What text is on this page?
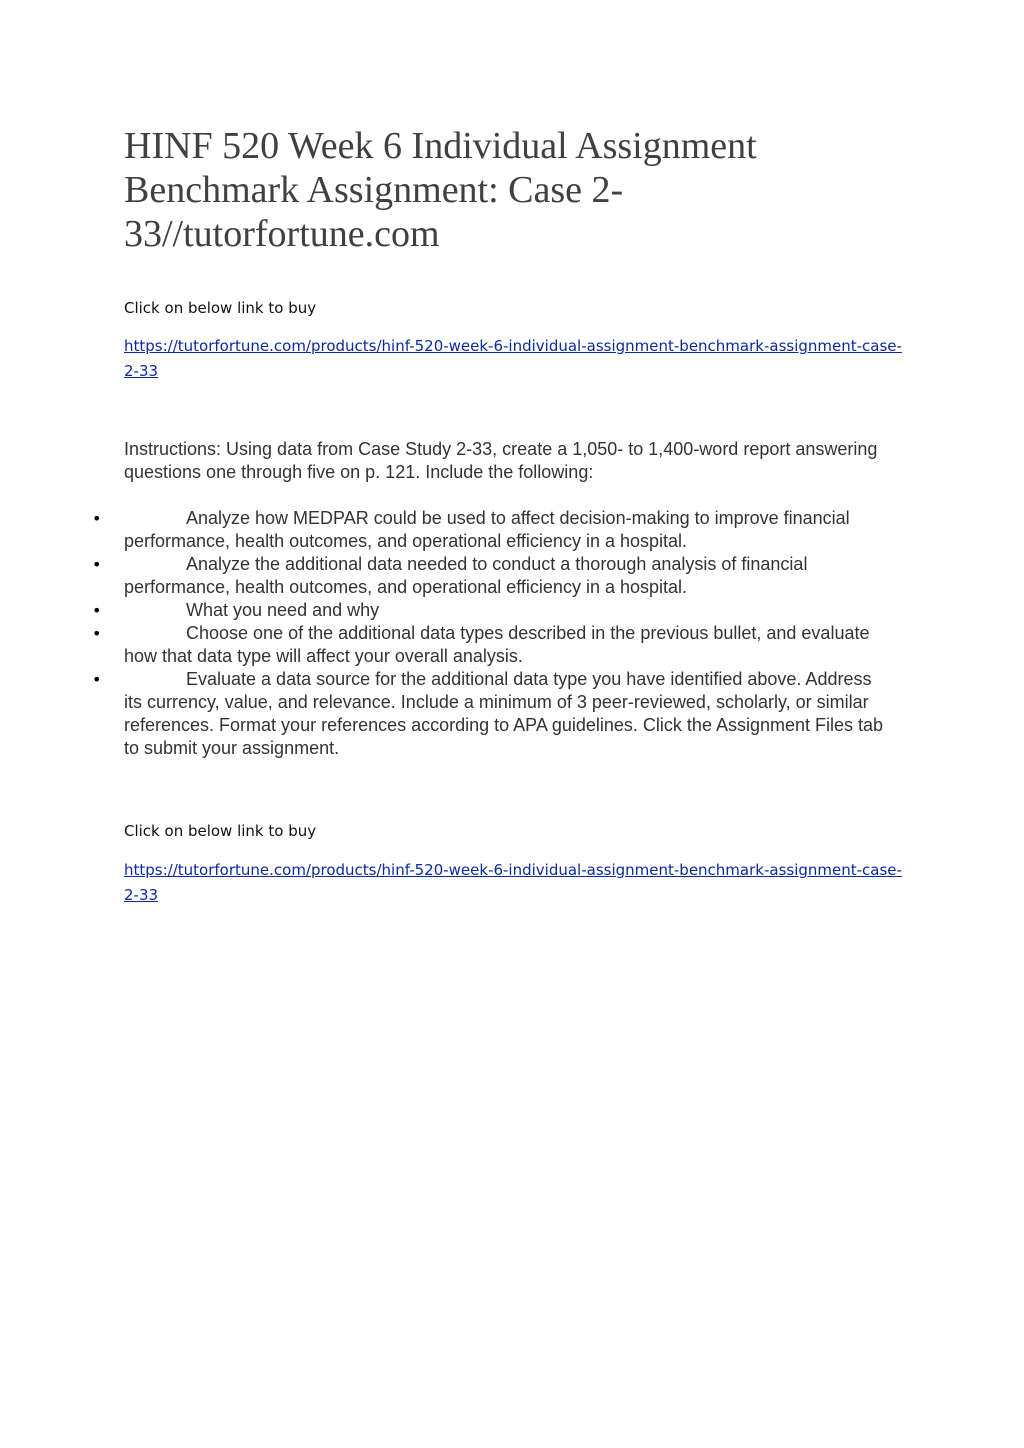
HINF 520 Week 6 Individual Assignment Benchmark Assignment: Case 2-33//tutorfortune.com

Click on below link to buy

https://tutorfortune.com/products/hinf-520-week-6-individual-assignment-benchmark-assignment-case-2-33

Instructions: Using data from Case Study 2-33, create a 1,050- to 1,400-word report answering questions one through five on p. 121. Include the following:

•	Analyze how MEDPAR could be used to affect decision-making to improve financial performance, health outcomes, and operational efficiency in a hospital.
•	Analyze the additional data needed to conduct a thorough analysis of financial performance, health outcomes, and operational efficiency in a hospital.
•	What you need and why
•	Choose one of the additional data types described in the previous bullet, and evaluate how that data type will affect your overall analysis.
•	Evaluate a data source for the additional data type you have identified above. Address its currency, value, and relevance. Include a minimum of 3 peer-reviewed, scholarly, or similar references. Format your references according to APA guidelines. Click the Assignment Files tab to submit your assignment.

Click on below link to buy

https://tutorfortune.com/products/hinf-520-week-6-individual-assignment-benchmark-assignment-case-2-33
